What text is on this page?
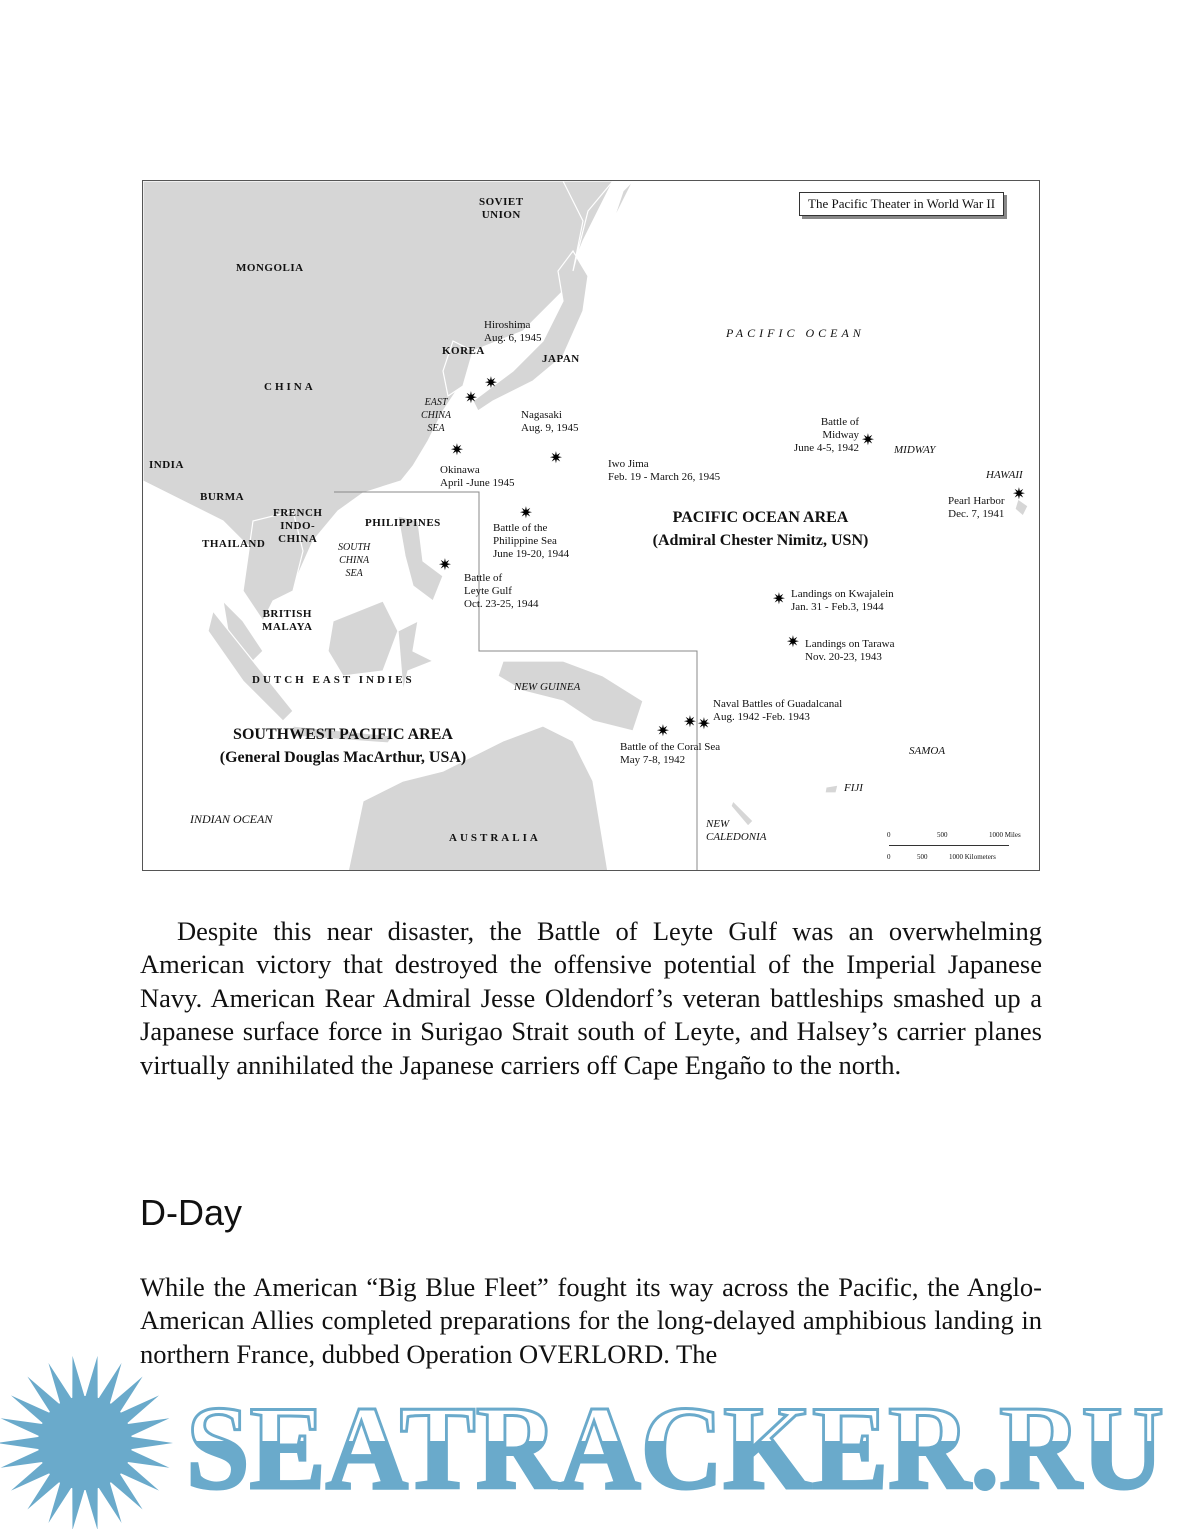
The Pacific Theater in World War II
SOVIET
UNION
MONGOLIA
CHINA
KOREA
JAPAN
EAST
CHINA
SEA
INDIA
BURMA
FRENCH
INDO-
CHINA
THAILAND
PHILIPPINES
SOUTH
CHINA
SEA
BRITISH
MALAYA
DUTCH EAST INDIES
NEW GUINEA
INDIAN OCEAN
AUSTRALIA
NEW
CALEDONIA
FIJI
SAMOA
PACIFIC OCEAN
MIDWAY
HAWAII
PACIFIC OCEAN AREA
(Admiral Chester Nimitz, USN)
SOUTHWEST PACIFIC AREA
(General Douglas MacArthur, USA)
Hiroshima
Aug. 6, 1945
Nagasaki
Aug. 9, 1945
Okinawa
April -June 1945
Iwo Jima
Feb. 19 - March 26, 1945
Battle of
Midway
June 4-5, 1942
Pearl Harbor
Dec. 7, 1941
Battle of the
Philippine Sea
June 19-20, 1944
Battle of
Leyte Gulf
Oct. 23-25, 1944
Landings on Kwajalein
Jan. 31 - Feb.3, 1944
Landings on Tarawa
Nov. 20-23, 1943
Naval Battles of Guadalcanal
Aug. 1942 -Feb. 1943
Battle of the Coral Sea
May 7-8, 1942
✷
✷
✷	✷
✷
✷
✷
✷
✷
✷
✷ ✷
✷
0	500	1000 Miles
0	500	1000 Kilometers

Despite this near disaster, the Battle of Leyte Gulf was an overwhelming American victory that destroyed the offensive potential of the Imperial Japanese Navy. American Rear Admiral Jesse Oldendorf’s veteran battleships smashed up a Japanese surface force in Surigao Strait south of Leyte, and Halsey’s carrier planes virtually annihilated the Japanese carriers off Cape Engaño to the north.

D-Day

While the American “Big Blue Fleet” fought its way across the Pacific, the Anglo-American Allies completed preparations for the long-delayed amphibious landing in northern France, dubbed Operation OVERLORD. The

SEATRACKER.RU
